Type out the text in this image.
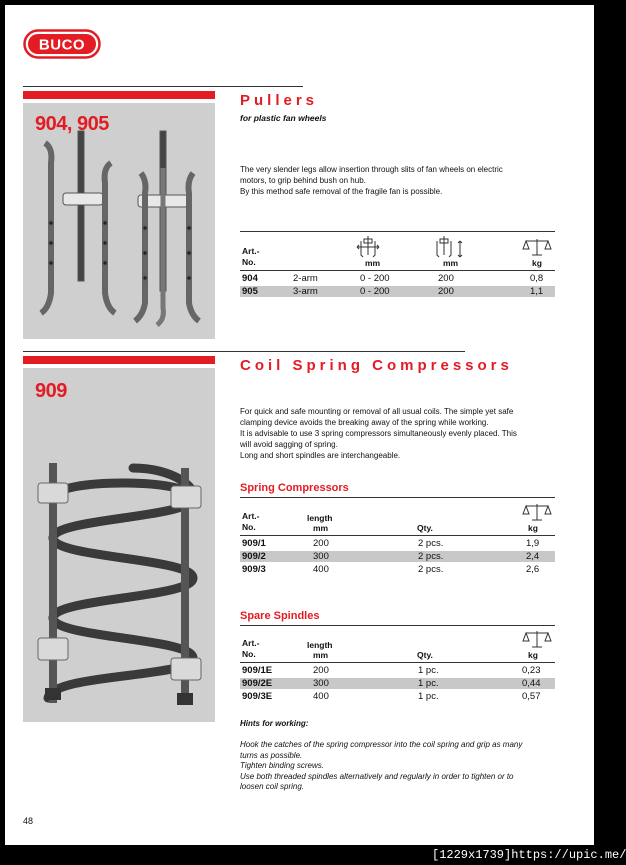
BUCO
904, 905
Pullers
for plastic fan wheels
The very slender legs allow insertion through slits of fan wheels on electric
motors, to grip behind bush on hub.
By this method safe removal of the fragile fan is possible.
Art.-
No.	mm	mm	kg
904	2-arm	0 - 200	200	0,8
905	3-arm	0 - 200	200	1,1
909
Coil Spring Compressors
For quick and safe mounting or removal of all usual coils. The simple yet safe
clamping device avoids the breaking away of the spring while working.
It is advisable to use 3 spring compressors simultaneously evenly placed. This
will avoid sagging of spring.
Long and short spindles are interchangeable.
Spring Compressors
Art.-
No.
length
mm	Qty.	kg
909/1	200	2 pcs.	1,9
909/2	300	2 pcs.	2,4
909/3	400	2 pcs.	2,6
Spare Spindles
Art.-
No.
length
mm	Qty.	kg
909/1E	200	1 pc.	0,23
909/2E	300	1 pc.	0,44
909/3E	400	1 pc.	0,57
Hints for working:
Hook the catches of the spring compressor into the coil spring and grip as many
turns as possible.
Tighten binding screws.
Use both threaded spindles alternatively and regularly in order to tighten or to
loosen coil spring.
48
[1229x1739]https://upic.me/
